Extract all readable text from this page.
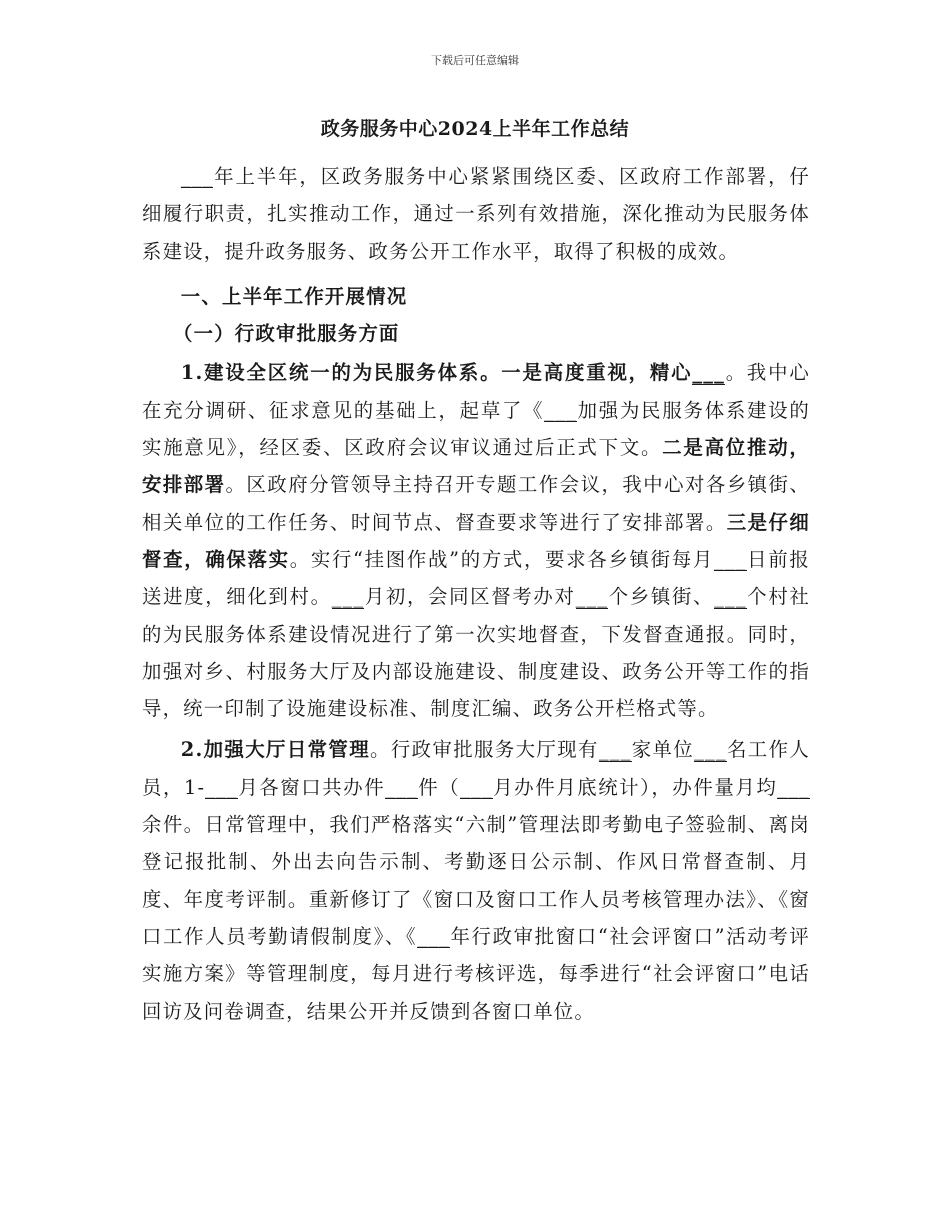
下载后可任意编辑
政务服务中心2024上半年工作总结

___年上半年，区政务服务中心紧紧围绕区委、区政府工作部署，仔细履行职责，扎实推动工作，通过一系列有效措施，深化推动为民服务体系建设，提升政务服务、政务公开工作水平，取得了积极的成效。

一、上半年工作开展情况

（一）行政审批服务方面

1.建设全区统一的为民服务体系。一是高度重视，精心___。我中心在充分调研、征求意见的基础上，起草了《___加强为民服务体系建设的实施意见》，经区委、区政府会议审议通过后正式下文。二是高位推动，安排部署。区政府分管领导主持召开专题工作会议，我中心对各乡镇街、相关单位的工作任务、时间节点、督查要求等进行了安排部署。三是仔细督查，确保落实。实行“挂图作战”的方式，要求各乡镇街每月___日前报送进度，细化到村。___月初，会同区督考办对___个乡镇街、___个村社的为民服务体系建设情况进行了第一次实地督查，下发督查通报。同时，加强对乡、村服务大厅及内部设施建设、制度建设、政务公开等工作的指导，统一印制了设施建设标准、制度汇编、政务公开栏格式等。

2.加强大厅日常管理。行政审批服务大厅现有___家单位___名工作人员，1-___月各窗口共办件___件（___月办件月底统计），办件量月均___余件。日常管理中，我们严格落实“六制”管理法即考勤电子签验制、离岗登记报批制、外出去向告示制、考勤逐日公示制、作风日常督查制、月度、年度考评制。重新修订了《窗口及窗口工作人员考核管理办法》、《窗口工作人员考勤请假制度》、《___年行政审批窗口“社会评窗口”活动考评实施方案》等管理制度，每月进行考核评选，每季进行“社会评窗口”电话回访及问卷调查，结果公开并反馈到各窗口单位。
